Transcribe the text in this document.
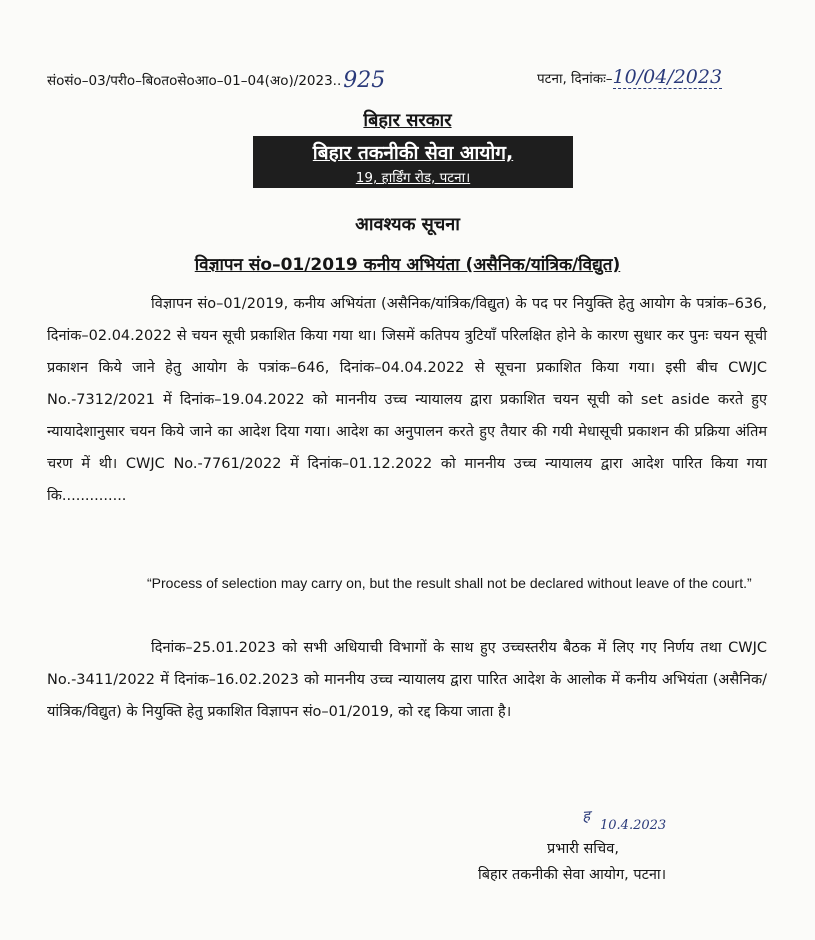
संoसंo–03/परीo–बिoतoसेoआo–01–04(अo)/2023..925	पटना, दिनांकः–10/04/2023
बिहार सरकार
बिहार तकनीकी सेवा आयोग,
19, हार्डिंग रोड, पटना।
आवश्यक सूचना
विज्ञापन संo–01/2019 कनीय अभियंता (असैनिक/यांत्रिक/विद्युत)

विज्ञापन संo–01/2019, कनीय अभियंता (असैनिक/यांत्रिक/विद्युत) के पद पर नियुक्ति हेतु आयोग के पत्रांक–636, दिनांक–02.04.2022 से चयन सूची प्रकाशित किया गया था। जिसमें कतिपय त्रुटियाँ परिलक्षित होने के कारण सुधार कर पुनः चयन सूची प्रकाशन किये जाने हेतु आयोग के पत्रांक–646, दिनांक–04.04.2022 से सूचना प्रकाशित किया गया। इसी बीच CWJC No.-7312/2021 में दिनांक–19.04.2022 को माननीय उच्च न्यायालय द्वारा प्रकाशित चयन सूची को set aside करते हुए न्यायादेशानुसार चयन किये जाने का आदेश दिया गया। आदेश का अनुपालन करते हुए तैयार की गयी मेधासूची प्रकाशन की प्रक्रिया अंतिम चरण में थी। CWJC No.-7761/2022 में दिनांक–01.12.2022 को माननीय उच्च न्यायालय द्वारा आदेश पारित किया गया कि..............

“Process of selection may carry on, but the result shall not be declared without leave of the court.”

दिनांक–25.01.2023 को सभी अधियाची विभागों के साथ हुए उच्चस्तरीय बैठक में लिए गए निर्णय तथा CWJC No.-3411/2022 में दिनांक–16.02.2023 को माननीय उच्च न्यायालय द्वारा पारित आदेश के आलोक में कनीय अभियंता (असैनिक/यांत्रिक/विद्युत) के नियुक्ति हेतु प्रकाशित विज्ञापन संo–01/2019, को रद्द किया जाता है।

ह
10.4.2023
प्रभारी सचिव,
बिहार तकनीकी सेवा आयोग, पटना।
